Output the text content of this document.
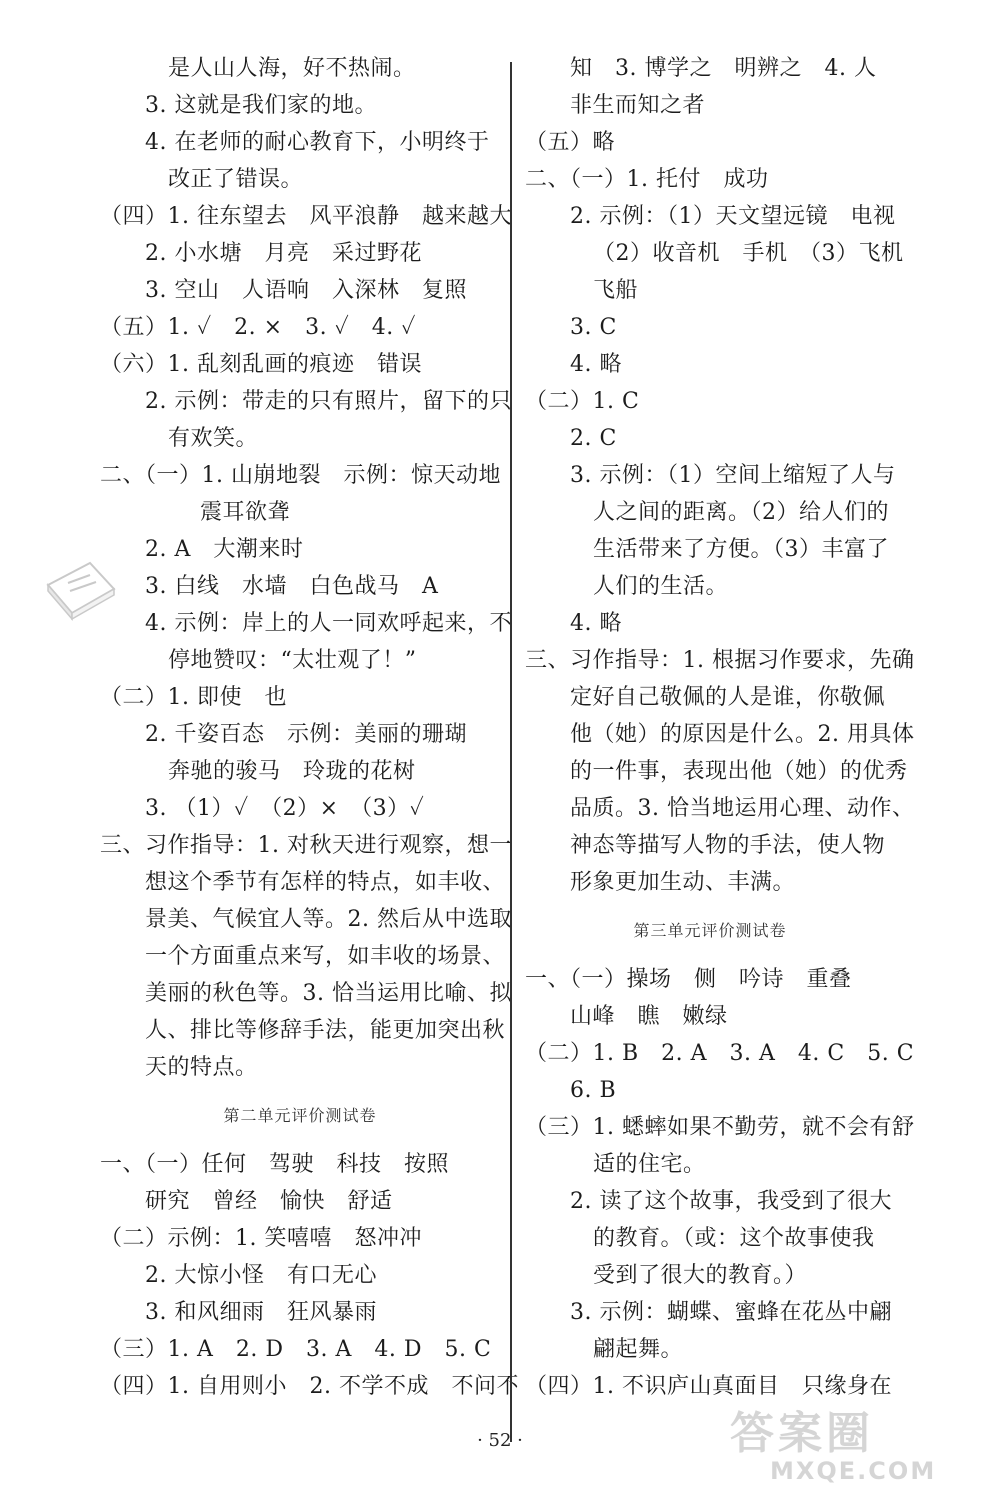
是人山人海，好不热闹。
3. 这就是我们家的地。
4. 在老师的耐心教育下，小明终于
改正了错误。
（四）1. 往东望去　风平浪静　越来越大
2. 小水塘　月亮　采过野花
3. 空山　人语响　入深林　复照
（五）1. ✓　2. ×　3. ✓　4. ✓
（六）1. 乱刻乱画的痕迹　错误
2. 示例：带走的只有照片，留下的只
有欢笑。
二、（一）1. 山崩地裂　示例：惊天动地
震耳欲聋
2. A　大潮来时
3. 白线　水墙　白色战马　A
4. 示例：岸上的人一同欢呼起来，不
停地赞叹：“太壮观了！”
（二）1. 即使　也
2. 千姿百态　示例：美丽的珊瑚
奔驰的骏马　玲珑的花树
3. （1）✓　（2）×　（3）✓
三、习作指导：1. 对秋天进行观察，想一
想这个季节有怎样的特点，如丰收、
景美、气候宜人等。2. 然后从中选取
一个方面重点来写，如丰收的场景、
美丽的秋色等。3. 恰当运用比喻、拟
人、排比等修辞手法，能更加突出秋
天的特点。
第二单元评价测试卷
一、（一）任何　驾驶　科技　按照
研究　曾经　愉快　舒适
（二）示例：1. 笑嘻嘻　怒冲冲
2. 大惊小怪　有口无心
3. 和风细雨　狂风暴雨
（三）1. A　2. D　3. A　4. D　5. C
（四）1. 自用则小　2. 不学不成　不问不
知　3. 博学之　明辨之　4. 人
非生而知之者
（五）略
二、（一）1. 托付　成功
2. 示例：（1）天文望远镜　电视
（2）收音机　手机　（3）飞机
飞船
3. C
4. 略
（二）1. C
2. C
3. 示例：（1）空间上缩短了人与
人之间的距离。（2）给人们的
生活带来了方便。（3）丰富了
人们的生活。
4. 略
三、习作指导：1. 根据习作要求，先确
定好自己敬佩的人是谁，你敬佩
他（她）的原因是什么。2. 用具体
的一件事，表现出他（她）的优秀
品质。3. 恰当地运用心理、动作、
神态等描写人物的手法，使人物
形象更加生动、丰满。
第三单元评价测试卷
一、（一）操场　侧　吟诗　重叠
山峰　瞧　嫩绿
（二）1. B　2. A　3. A　4. C　5. C
6. B
（三）1. 蟋蟀如果不勤劳，就不会有舒
适的住宅。
2. 读了这个故事，我受到了很大
的教育。（或：这个故事使我
受到了很大的教育。）
3. 示例：蝴蝶、蜜蜂在花丛中翩
翩起舞。
（四）1. 不识庐山真面目　只缘身在
· 52 ·	答案圈
MXQE.COM
